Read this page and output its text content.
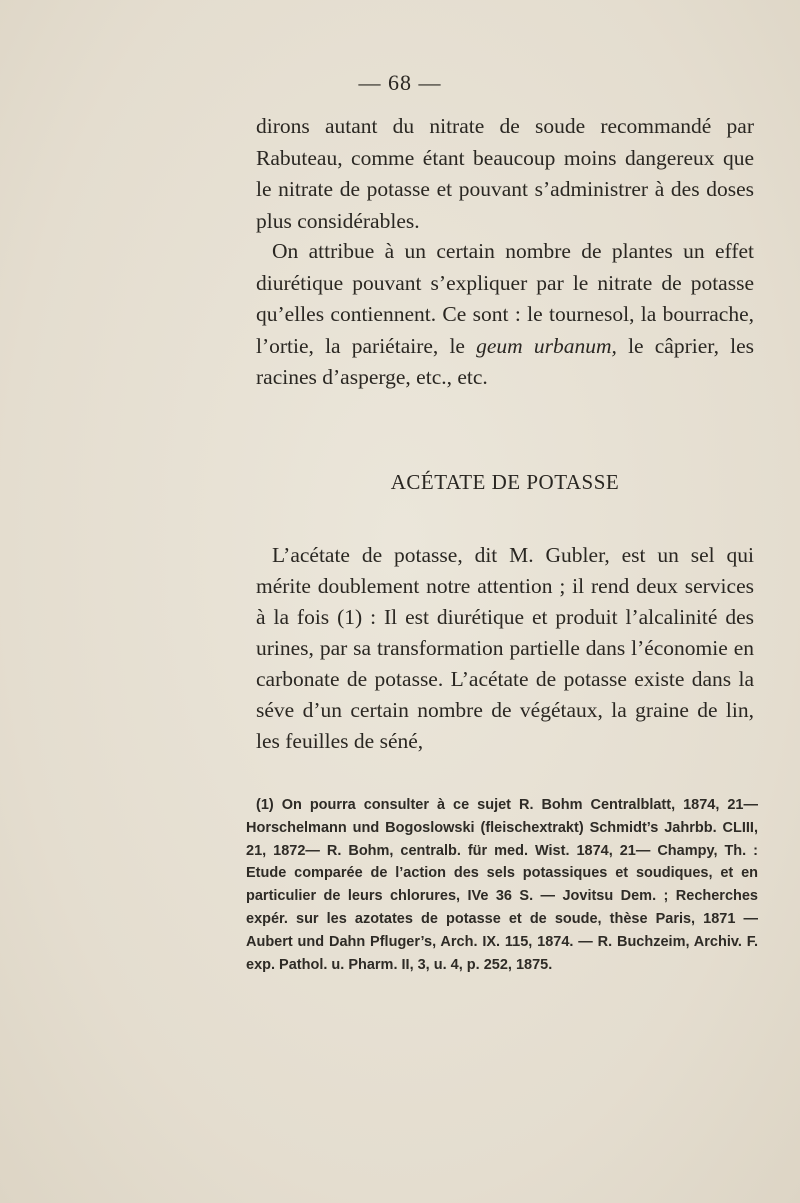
— 68 —

dirons autant du nitrate de soude recommandé par Rabuteau, comme étant beaucoup moins dangereux que le nitrate de potasse et pouvant s’administrer à des doses plus considérables.

On attribue à un certain nombre de plantes un effet diurétique pouvant s’expliquer par le nitrate de potasse qu’elles contiennent. Ce sont : le tournesol, la bourrache, l’ortie, la pariétaire, le geum urbanum, le câprier, les racines d’asperge, etc., etc.

ACÉTATE DE POTASSE

L’acétate de potasse, dit M. Gubler, est un sel qui mérite doublement notre attention ; il rend deux services à la fois (1) : Il est diurétique et produit l’alcalinité des urines, par sa transformation partielle dans l’économie en carbonate de potasse. L’acétate de potasse existe dans la séve d’un certain nombre de végétaux, la graine de lin, les feuilles de séné,

(1) On pourra consulter à ce sujet R. Bohm Centralblatt, 1874, 21— Horschelmann und Bogoslowski (fleischextrakt) Schmidt’s Jahrbb. CLIII, 21, 1872— R. Bohm, centralb. für med. Wist. 1874, 21— Champy, Th. : Etude comparée de l’action des sels potassiques et soudiques, et en particulier de leurs chlorures, IVe 36 S. — Jovitsu Dem. ; Recherches expér. sur les azotates de potasse et de soude, thèse Paris, 1871 — Aubert und Dahn Pfluger’s, Arch. IX. 115, 1874. — R. Buchzeim, Archiv. F. exp. Pathol. u. Pharm. II, 3, u. 4, p. 252, 1875.
